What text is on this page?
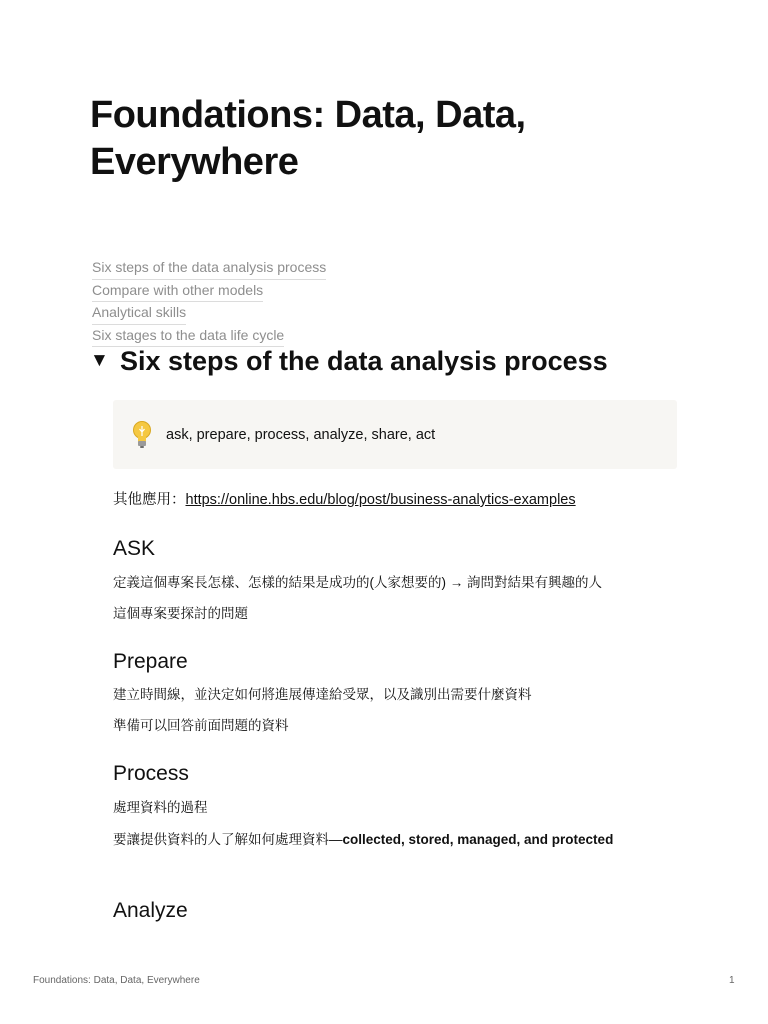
Foundations: Data, Data, Everywhere
Six steps of the data analysis process
Compare with other models
Analytical skills
Six stages to the data life cycle
▼ Six steps of the data analysis process
ask, prepare, process, analyze, share, act
其他應用：https://online.hbs.edu/blog/post/business-analytics-examples
ASK

定義這個專案長怎樣、怎樣的結果是成功的(人家想要的) → 詢問對結果有興趣的人

這個專案要探討的問題

Prepare

建立時間線，並決定如何將進展傳達給受眾，以及識別出需要什麼資料

準備可以回答前面問題的資料

Process

處理資料的過程

要讓提供資料的人了解如何處理資料—collected, stored, managed, and protected

Analyze
Foundations: Data, Data, Everywhere	1
